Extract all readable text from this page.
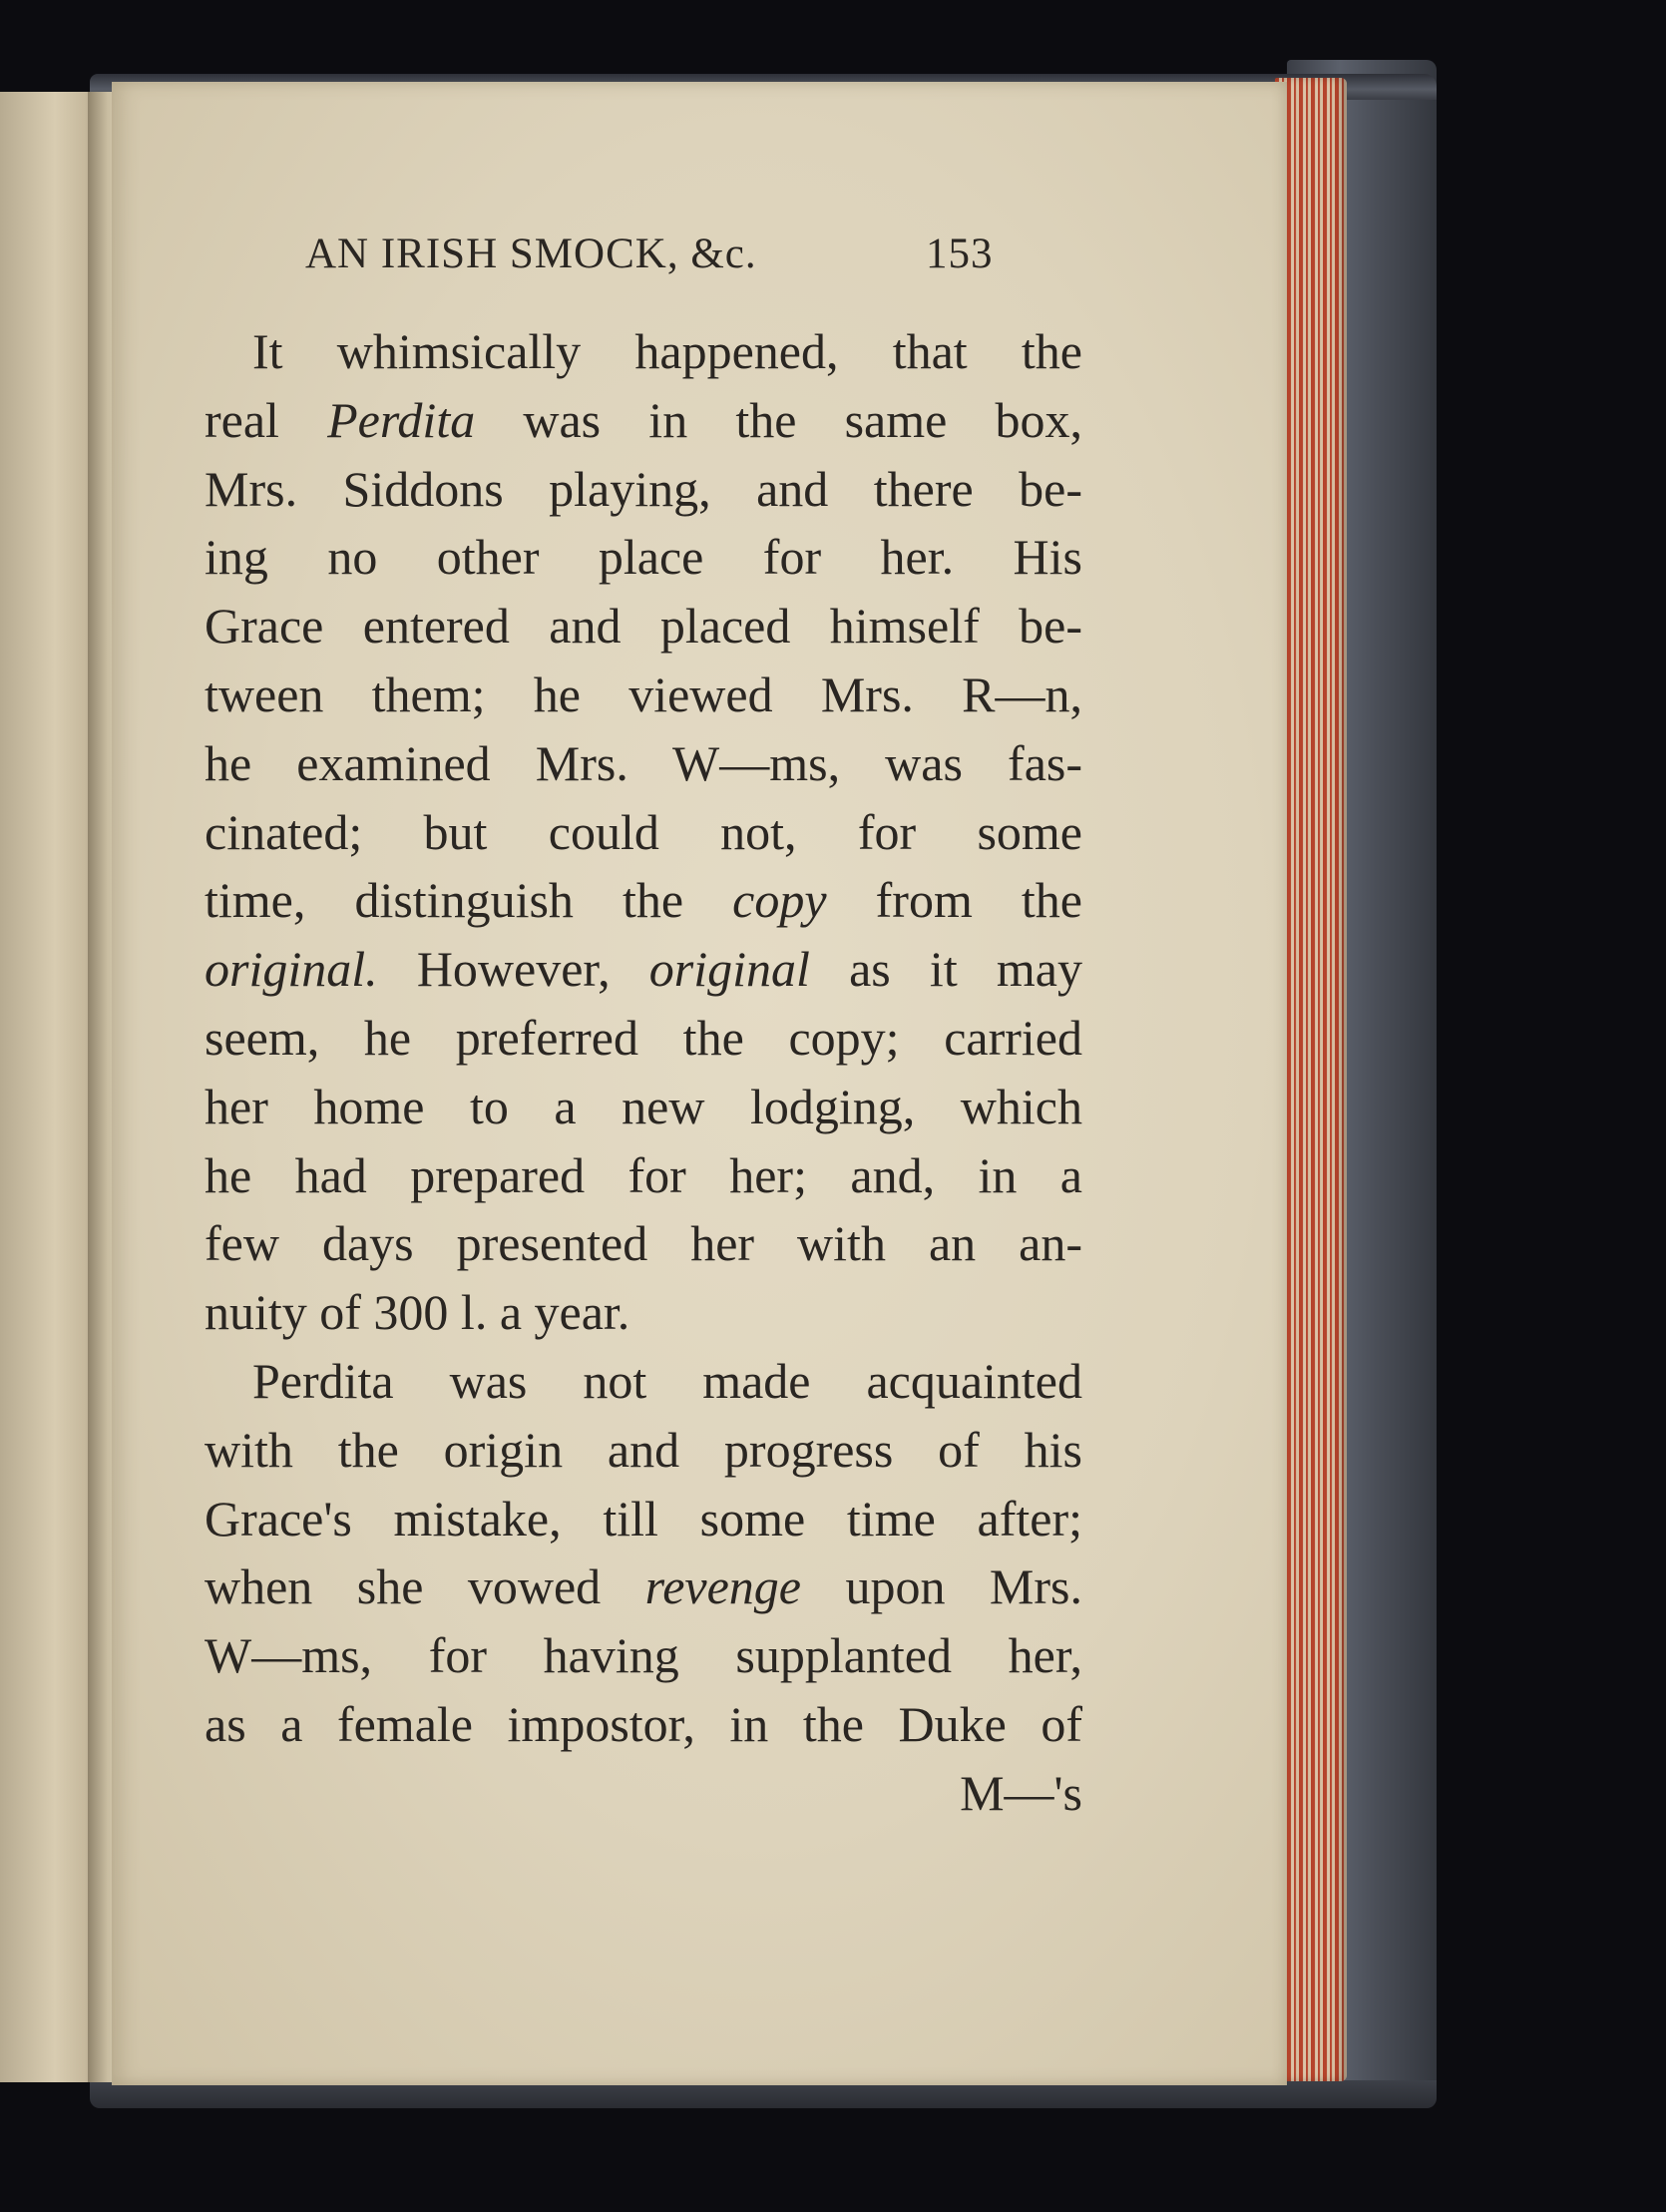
AN IRISH SMOCK, &c.	153
It whimsically happened, that the
real Perdita was in the same box,
Mrs. Siddons playing, and there be-
ing no other place for her. His
Grace entered and placed himself be-
tween them; he viewed Mrs. R—n,
he examined Mrs. W—ms, was fas-
cinated; but could not, for some
time, distinguish the copy from the
original. However, original as it may
seem, he preferred the copy; carried
her home to a new lodging, which
he had prepared for her; and, in a
few days presented her with an an-
nuity of 300 l. a year.
Perdita was not made acquainted
with the origin and progress of his
Grace's mistake, till some time after;
when she vowed revenge upon Mrs.
W—ms, for having supplanted her,
as a female impostor, in the Duke of
M—'s
